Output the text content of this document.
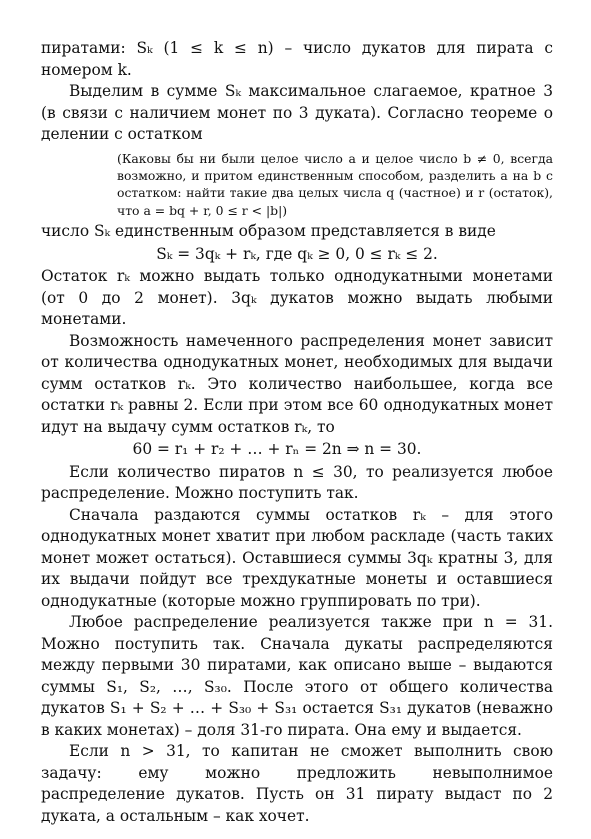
пиратами: Sₖ (1 ≤ k ≤ n) – число дукатов для пирата с номером k.

Выделим в сумме Sₖ максимальное слагаемое, кратное 3 (в связи с наличием монет по 3 дуката). Согласно теореме о делении с остатком

(Каковы бы ни были целое число a и целое число b ≠ 0, всегда возможно, и притом единственным способом, разделить a на b с остатком: найти такие два целых числа q (частное) и r (остаток), что a = bq + r, 0 ≤ r < |b|)

число Sₖ единственным образом представляется в виде

Sₖ = 3qₖ + rₖ, где qₖ ≥ 0, 0 ≤ rₖ ≤ 2.

Остаток rₖ можно выдать только однодукатными монетами (от 0 до 2 монет). 3qₖ дукатов можно выдать любыми монетами.

Возможность намеченного распределения монет зависит от количества однодукатных монет, необходимых для выдачи сумм остатков rₖ. Это количество наибольшее, когда все остатки rₖ равны 2. Если при этом все 60 однодукатных монет идут на выдачу сумм остатков rₖ, то

60 = r₁ + r₂ + … + rₙ = 2n ⇒ n = 30.

Если количество пиратов n ≤ 30, то реализуется любое распределение. Можно поступить так.

Сначала раздаются суммы остатков rₖ – для этого однодукатных монет хватит при любом раскладе (часть таких монет может остаться). Оставшиеся суммы 3qₖ кратны 3, для их выдачи пойдут все трехдукатные монеты и оставшиеся однодукатные (которые можно группировать по три).

Любое распределение реализуется также при n = 31. Можно поступить так. Сначала дукаты распределяются между первыми 30 пиратами, как описано выше – выдаются суммы S₁, S₂, …, S₃₀. После этого от общего количества дукатов S₁ + S₂ + … + S₃₀ + S₃₁ остается S₃₁ дукатов (неважно в каких монетах) – доля 31-го пирата. Она ему и выдается.

Если n > 31, то капитан не сможет выполнить свою задачу: ему можно предложить невыполнимое распределение дукатов. Пусть он 31 пирату выдаст по 2 дуката, а остальным – как хочет.
